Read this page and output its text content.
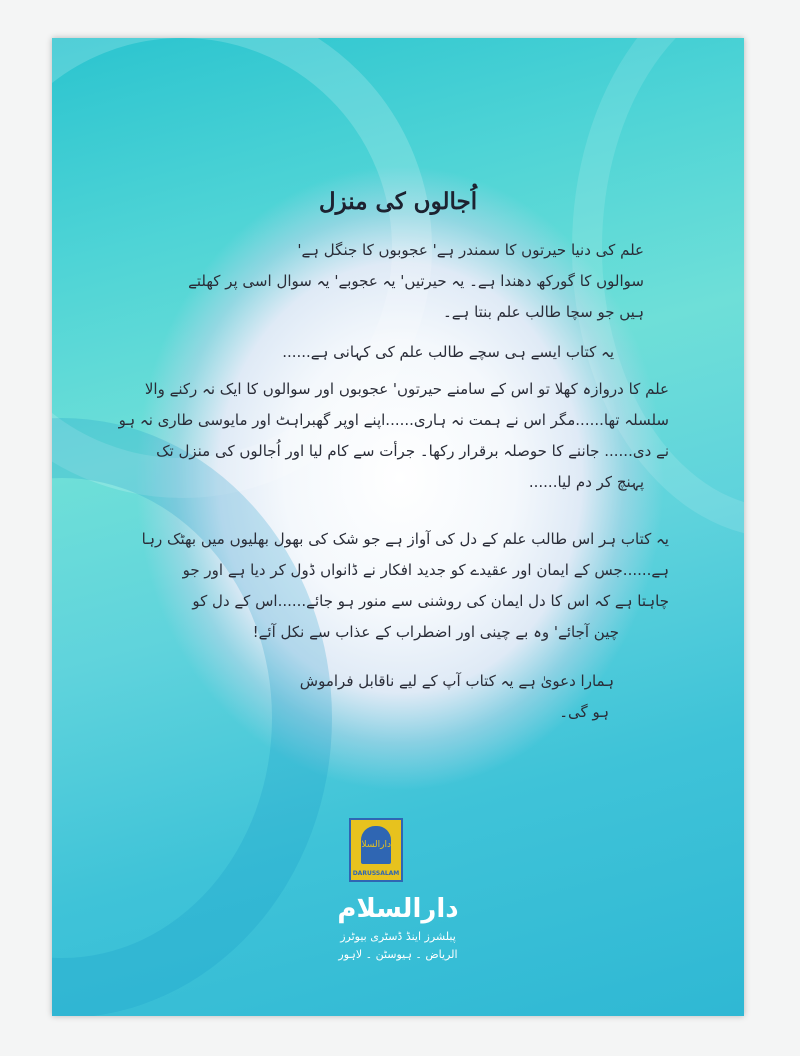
اُجالوں کی منزل
علم کی دنیا حیرتوں کا سمندر ہے' عجوبوں کا جنگل ہے'
سوالوں کا گورکھ دھندا ہے۔ یہ حیرتیں' یہ عجوبے' یہ سوال اسی پر کھلتے
ہیں جو سچا طالب علم بنتا ہے۔
یہ کتاب ایسے ہی سچے طالب علم کی کہانی ہے......
علم کا دروازہ کھلا تو اس کے سامنے حیرتوں' عجوبوں اور سوالوں کا ایک نہ رکنے والا
سلسلہ تھا......مگر اس نے ہمت نہ ہاری......اپنے اوپر گھبراہٹ اور مایوسی طاری نہ ہو
نے دی...... جاننے کا حوصلہ برقرار رکھا۔ جرأت سے کام لیا اور اُجالوں کی منزل تک
پہنچ کر دم لیا......
یہ کتاب ہر اس طالب علم کے دل کی آواز ہے جو شک کی بھول بھلیوں میں بھٹک رہا
ہے......جس کے ایمان اور عقیدے کو جدید افکار نے ڈانواں ڈول کر دیا ہے اور جو
چاہتا ہے کہ اس کا دل ایمان کی روشنی سے منور ہو جائے......اس کے دل کو
چین آجائے' وہ بے چینی اور اضطراب کے عذاب سے نکل آئے!
ہمارا دعویٰ ہے یہ کتاب آپ کے لیے ناقابل فراموش
ہو گی۔
دارالسلام
DARUSSALAM
دارالسلام
پبلشرز اینڈ ڈسٹری بیوٹرز
الریاض ۔ ہیوسٹن ۔ لاہور
